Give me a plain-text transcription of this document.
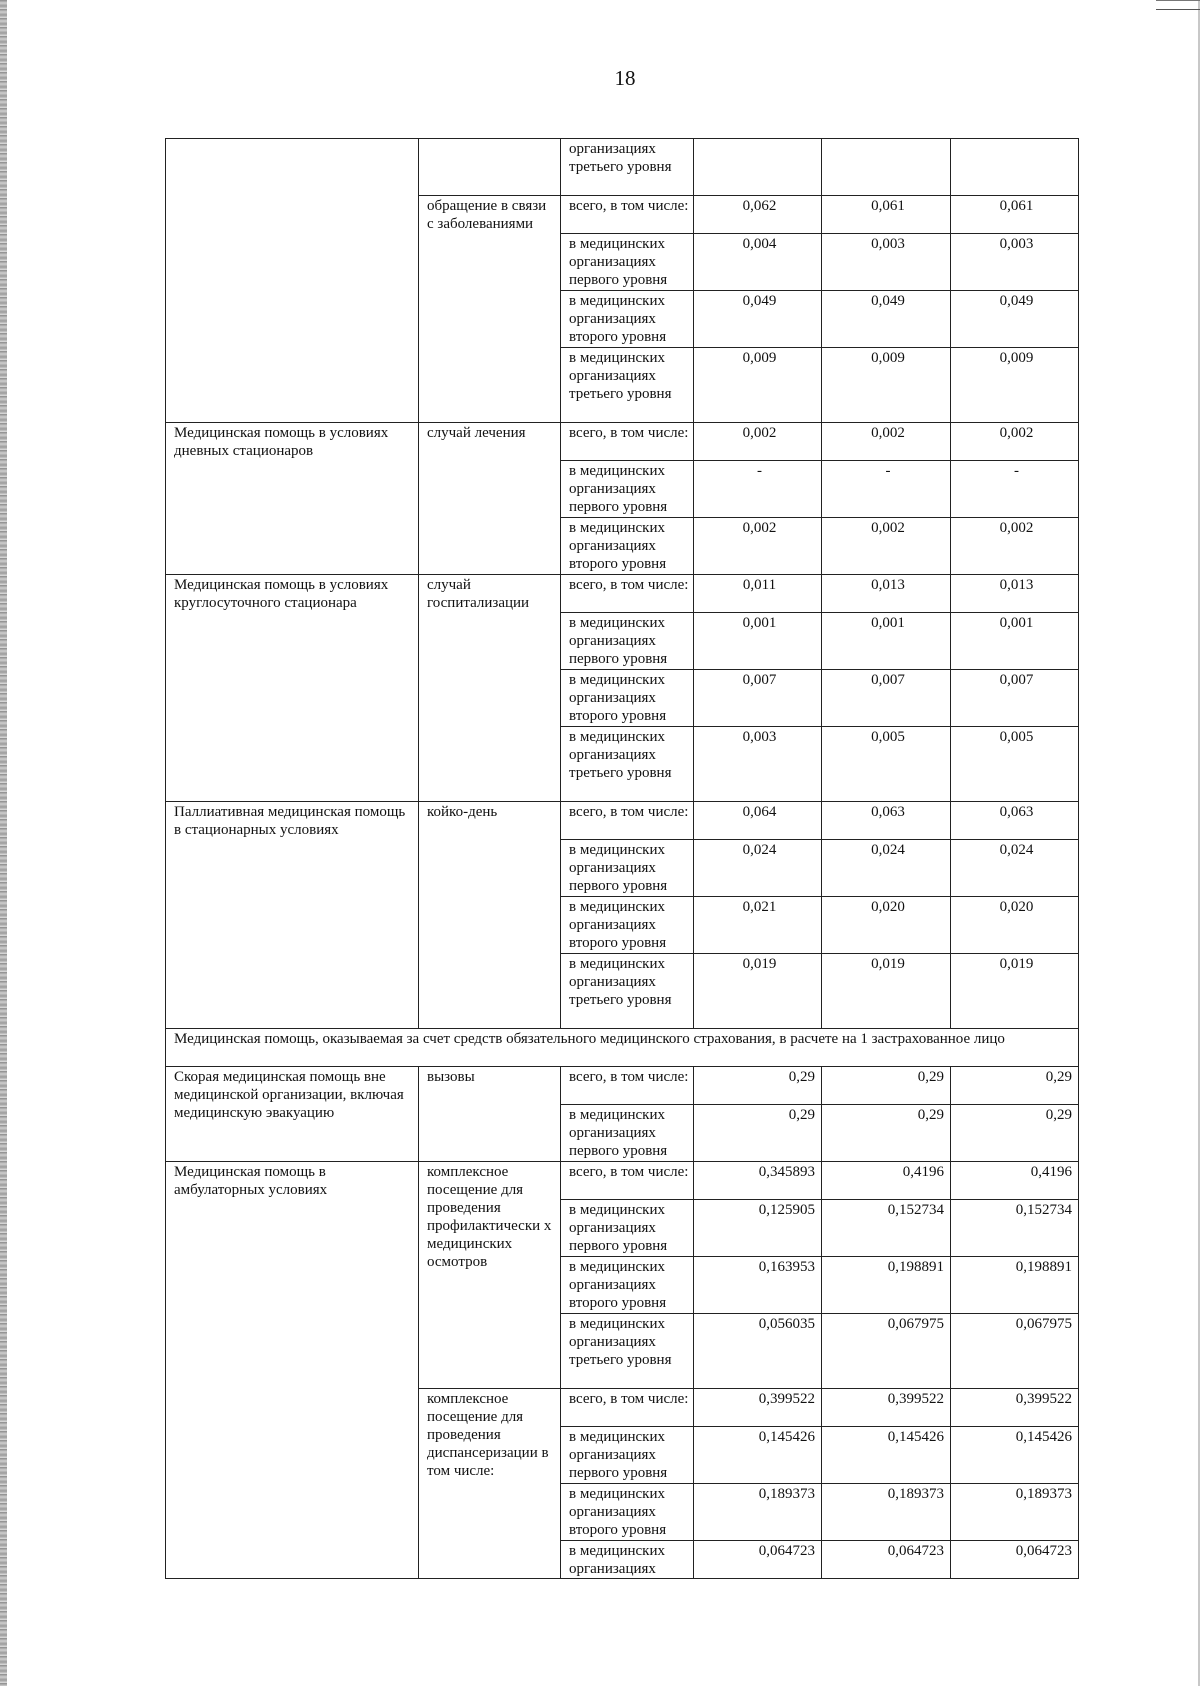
18
		организациях третьего уровня			
	обращение в связи с заболеваниями	всего, в том числе:	0,062	0,061	0,061
		в медицинских организациях первого уровня	0,004	0,003	0,003
		в медицинских организациях второго уровня	0,049	0,049	0,049
		в медицинских организациях третьего уровня	0,009	0,009	0,009
Медицинская помощь в условиях дневных стационаров	случай лечения	всего, в том числе:	0,002	0,002	0,002
		в медицинских организациях первого уровня	-	-	-
		в медицинских организациях второго уровня	0,002	0,002	0,002
Медицинская помощь в условиях круглосуточного стационара	случай госпитализации	всего, в том числе:	0,011	0,013	0,013
		в медицинских организациях первого уровня	0,001	0,001	0,001
		в медицинских организациях второго уровня	0,007	0,007	0,007
		в медицинских организациях третьего уровня	0,003	0,005	0,005
Паллиативная медицинская помощь в стационарных условиях	койко-день	всего, в том числе:	0,064	0,063	0,063
		в медицинских организациях первого уровня	0,024	0,024	0,024
		в медицинских организациях второго уровня	0,021	0,020	0,020
		в медицинских организациях третьего уровня	0,019	0,019	0,019
Медицинская помощь, оказываемая за счет средств обязательного медицинского страхования, в расчете на 1 застрахованное лицо					
Скорая медицинская помощь вне медицинской организации, включая медицинскую эвакуацию	вызовы	всего, в том числе:	0,29	0,29	0,29
		в медицинских организациях первого уровня	0,29	0,29	0,29
Медицинская помощь в амбулаторных условиях	комплексное посещение для проведения профилактически х медицинских осмотров	всего, в том числе:	0,345893	0,4196	0,4196
		в медицинских организациях первого уровня	0,125905	0,152734	0,152734
		в медицинских организациях второго уровня	0,163953	0,198891	0,198891
		в медицинских организациях третьего уровня	0,056035	0,067975	0,067975
	комплексное посещение для проведения диспансеризации в том числе:	всего, в том числе:	0,399522	0,399522	0,399522
		в медицинских организациях первого уровня	0,145426	0,145426	0,145426
		в медицинских организациях второго уровня	0,189373	0,189373	0,189373
		в медицинских организациях	0,064723	0,064723	0,064723
